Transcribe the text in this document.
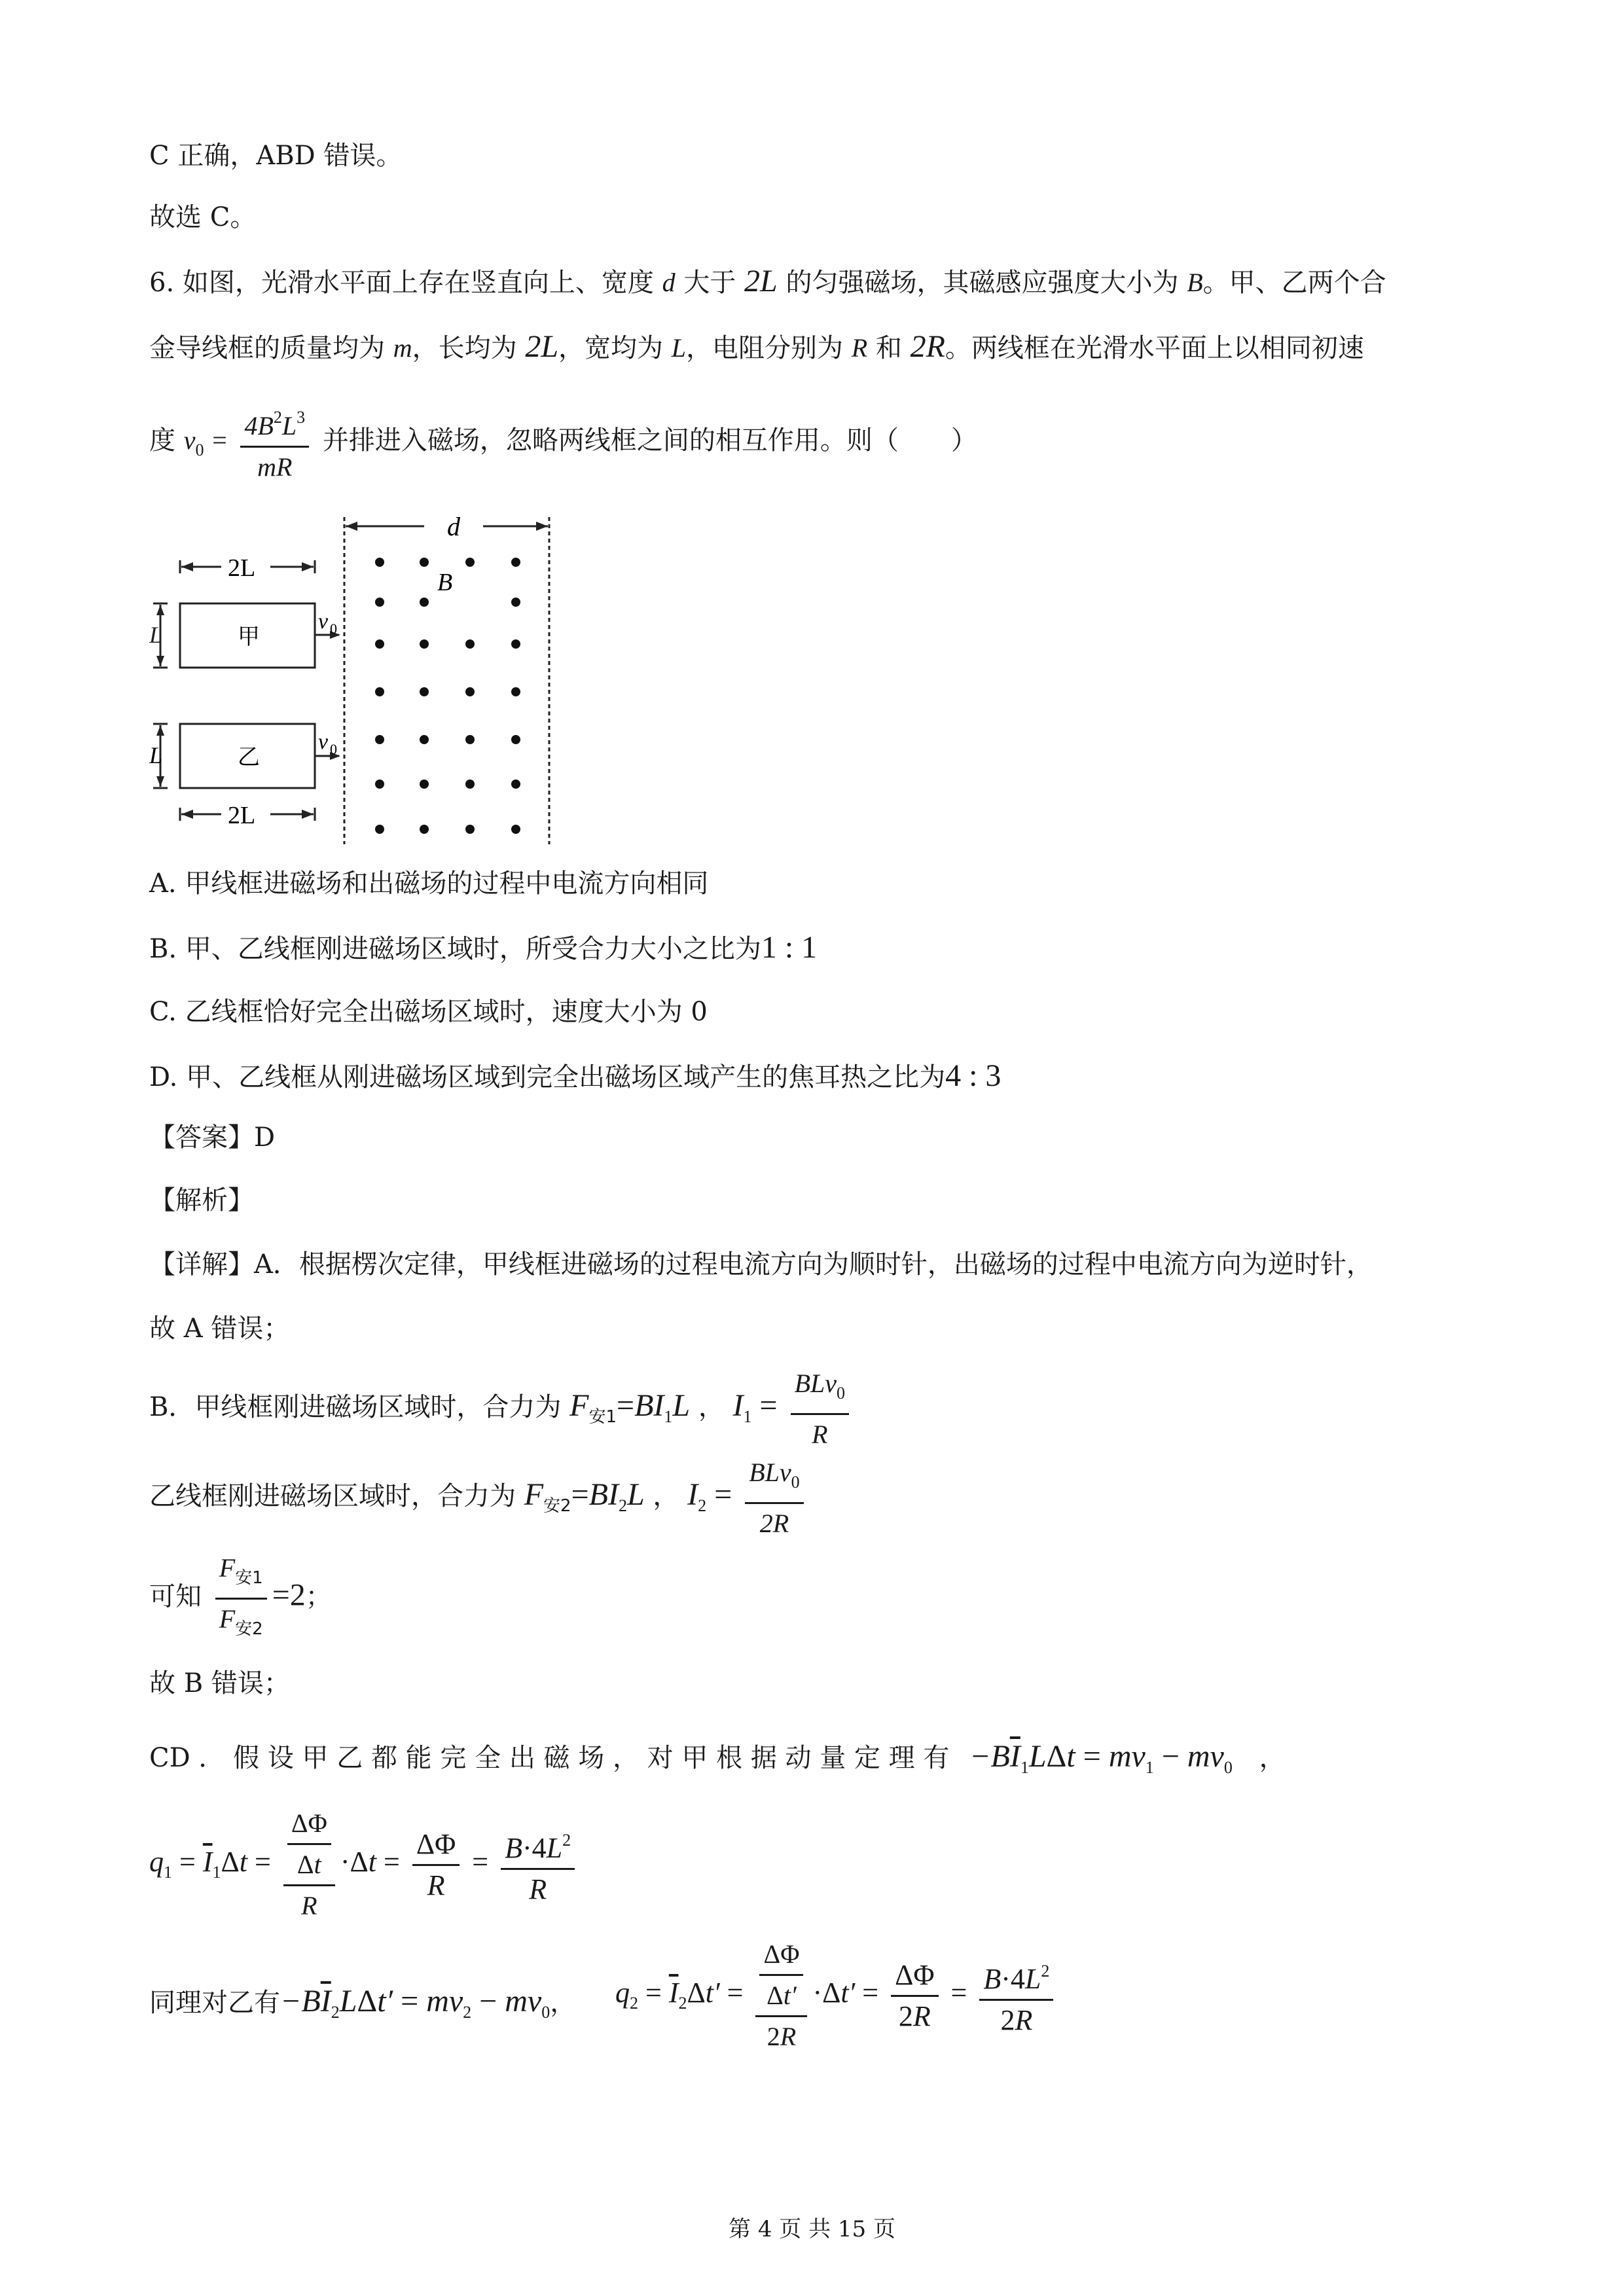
C 正确，ABD 错误。
故选 C。
6. 如图，光滑水平面上存在竖直向上、宽度 d 大于 2L 的匀强磁场，其磁感应强度大小为 B。甲、乙两个合
金导线框的质量均为 m，长均为 2L，宽均为 L，电阻分别为 R 和 2R。两线框在光滑水平面上以相同初速
度 $v_0 = \frac{4B^2L^3}{mR}$ 并排进入磁场，忽略两线框之间的相互作用。则（　　）
d
B
2L
甲
v 0
L
乙
v 0
L
2L
A. 甲线框进磁场和出磁场的过程中电流方向相同
B. 甲、乙线框刚进磁场区域时，所受合力大小之比为1 : 1
C. 乙线框恰好完全出磁场区域时，速度大小为 0
D. 甲、乙线框从刚进磁场区域到完全出磁场区域产生的焦耳热之比为4 : 3
【答案】D
【解析】
【详解】A．根据楞次定律，甲线框进磁场的过程电流方向为顺时针，出磁场的过程中电流方向为逆时针，
故 A 错误；
B．甲线框刚进磁场区域时，合力为 $F_{安1}=BI_1L$ ， $I_1 = \frac{BLv_0}{R}$
乙线框刚进磁场区域时，合力为 $F_{安2}=BI_2L$ ， $I_2 = \frac{BLv_0}{2R}$
可知 $\frac{F_{安1}}{F_{安2}} =2$；
故 B 错误；
CD ． 假 设 甲 乙 都 能 完 全 出 磁 场 ， 对 甲 根 据 动 量 定 理 有 $-B\overline{I}_1L\Delta t = mv_1 - mv_0$ ，
$q_1 = \overline{I}_1\Delta t = \frac{\frac{\Delta\Phi}{\Delta t}}{R} \cdot\Delta t = \frac{\Delta\Phi}{R} = \frac{B\cdot 4L^2}{R}$
同理对乙有$-B\overline{I}_2L\Delta t' = mv_2 - mv_0$， $q_2 = \overline{I}_2\Delta t' = \frac{\frac{\Delta\Phi}{\Delta t'}}{2R} \cdot\Delta t' = \frac{\Delta\Phi}{2R} = \frac{B\cdot 4L^2}{2R}$
第 4 页 共 15 页
